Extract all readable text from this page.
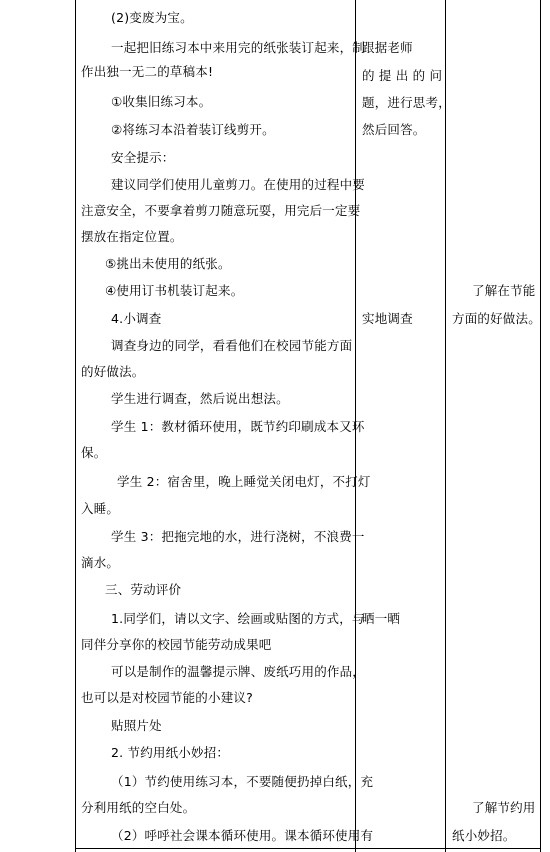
(2)变废为宝。
一起把旧练习本中来用完的纸张装订起来，制
作出独一无二的草稿本!
①收集旧练习本。
②将练习本沿着装订线剪开。
安全提示：
建议同学们使用儿童剪刀。在使用的过程中要
注意安全，不要拿着剪刀随意玩耍，用完后一定要
摆放在指定位置。
⑤挑出未使用的纸张。
④使用订书机装订起来。
4.小调查
调查身边的同学，看看他们在校园节能方面
的好做法。
学生进行调查，然后说出想法。
学生 1：教材循环使用，既节约印刷成本又环
保。
学生 2：宿舍里，晚上睡觉关闭电灯，不打灯
入睡。
学生 3：把拖完地的水，进行浇树，不浪费一
滴水。
三、劳动评价
1.同学们，请以文字、绘画或贴图的方式，与
同伴分享你的校园节能劳动成果吧
可以是制作的温馨提示牌、废纸巧用的作品，
也可以是对校园节能的小建议?
贴照片处
2. 节约用纸小妙招：
（1）节约使用练习本，不要随便扔掉白纸，充
分利用纸的空白处。
（2）呼呼社会课本循环使用。课本循环使用有
跟据老师
的 提 出 的 问
题，进行思考，
然后回答。
实地调查
晒一晒
了解在节能
方面的好做法。
了解节约用
纸小妙招。
